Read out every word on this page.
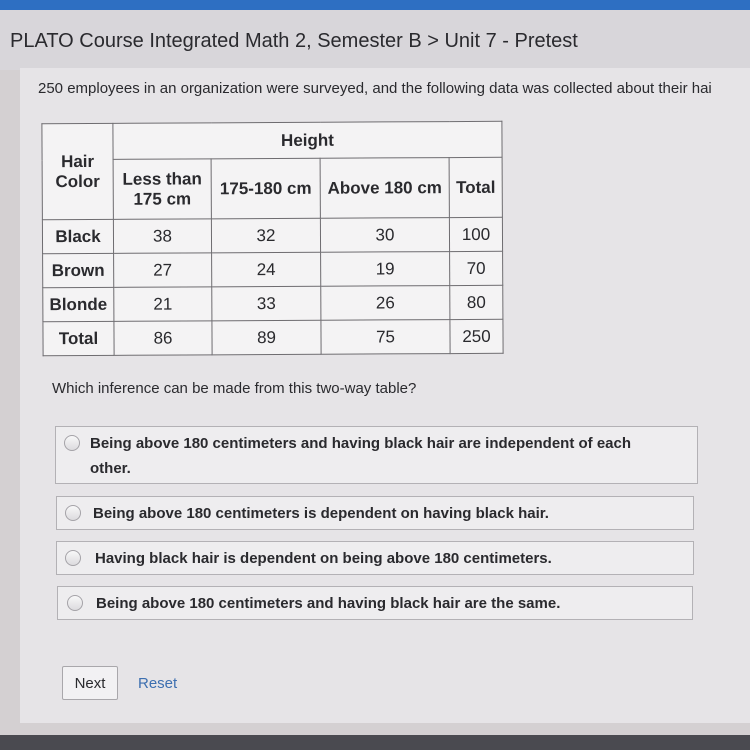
PLATO Course Integrated Math 2, Semester B > Unit 7 - Pretest
250 employees in an organization were surveyed, and the following data was collected about their hai
Hair Color	Height			
	Less than 175 cm	175-180 cm	Above 180 cm	Total
Black	38	32	30	100
Brown	27	24	19	70
Blonde	21	33	26	80
Total	86	89	75	250
Which inference can be made from this two-way table?
Being above 180 centimeters and having black hair are independent of each other.
Being above 180 centimeters is dependent on having black hair.
Having black hair is dependent on being above 180 centimeters.
Being above 180 centimeters and having black hair are the same.
Next	Reset
